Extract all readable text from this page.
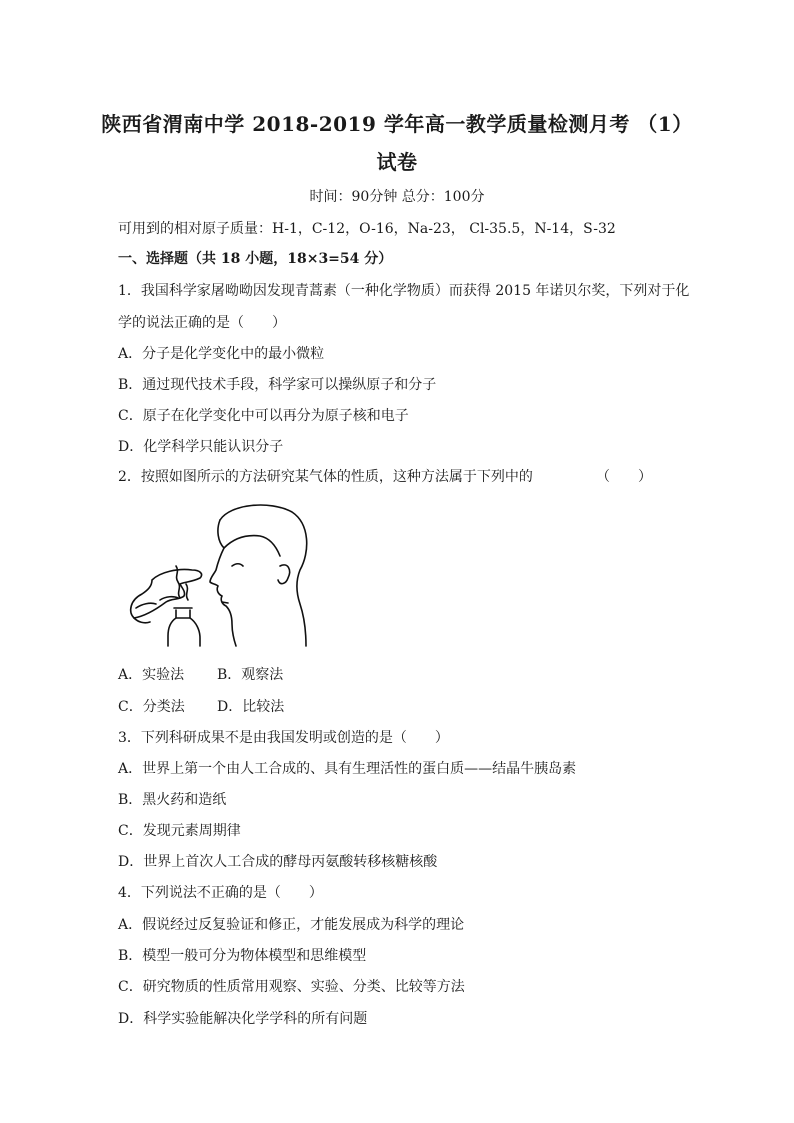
陕西省渭南中学 2018-2019 学年高一教学质量检测月考 （1）
试卷
时间：90分钟 总分：100分
可用到的相对原子质量：H-1，C-12，O-16，Na-23， Cl-35.5，N-14，S-32
一、选择题（共 18 小题，18×3=54 分）
1．我国科学家屠呦呦因发现青蒿素（一种化学物质）而获得 2015 年诺贝尔奖，下列对于化
学的说法正确的是（　　）
A．分子是化学变化中的最小微粒
B．通过现代技术手段，科学家可以操纵原子和分子
C．原子在化学变化中可以再分为原子核和电子
D．化学科学只能认识分子
2．按照如图所示的方法研究某气体的性质，这种方法属于下列中的	（　　）
A．实验法 B．观察法
C．分类法 D．比较法
3．下列科研成果不是由我国发明或创造的是（　　）
A．世界上第一个由人工合成的、具有生理活性的蛋白质——结晶牛胰岛素
B．黑火药和造纸
C．发现元素周期律
D．世界上首次人工合成的酵母丙氨酸转移核糖核酸
4．下列说法不正确的是（　　）
A．假说经过反复验证和修正，才能发展成为科学的理论
B．模型一般可分为物体模型和思维模型
C．研究物质的性质常用观察、实验、分类、比较等方法
D．科学实验能解决化学学科的所有问题
